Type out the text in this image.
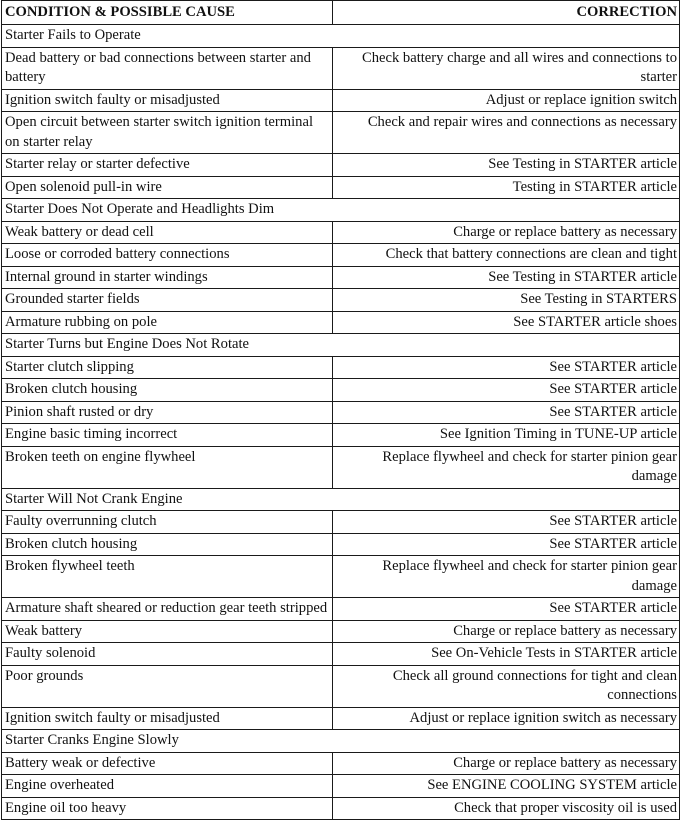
CONDITION & POSSIBLE CAUSE	CORRECTION
Starter Fails to Operate	
Dead battery or bad connections between starter and battery	Check battery charge and all wires and connections to starter
Ignition switch faulty or misadjusted	Adjust or replace ignition switch
Open circuit between starter switch ignition terminal on starter relay	Check and repair wires and connections as necessary
Starter relay or starter defective	See Testing in STARTER article
Open solenoid pull-in wire	Testing in STARTER article
Starter Does Not Operate and Headlights Dim	
Weak battery or dead cell	Charge or replace battery as necessary
Loose or corroded battery connections	Check that battery connections are clean and tight
Internal ground in starter windings	See Testing in STARTER article
Grounded starter fields	See Testing in STARTERS
Armature rubbing on pole	See STARTER article shoes
Starter Turns but Engine Does Not Rotate	
Starter clutch slipping	See STARTER article
Broken clutch housing	See STARTER article
Pinion shaft rusted or dry	See STARTER article
Engine basic timing incorrect	See Ignition Timing in TUNE-UP article
Broken teeth on engine flywheel	Replace flywheel and check for starter pinion gear damage
Starter Will Not Crank Engine	
Faulty overrunning clutch	See STARTER article
Broken clutch housing	See STARTER article
Broken flywheel teeth	Replace flywheel and check for starter pinion gear damage
Armature shaft sheared or reduction gear teeth stripped	See STARTER article
Weak battery	Charge or replace battery as necessary
Faulty solenoid	See On-Vehicle Tests in STARTER article
Poor grounds	Check all ground connections for tight and clean connections
Ignition switch faulty or misadjusted	Adjust or replace ignition switch as necessary
Starter Cranks Engine Slowly	
Battery weak or defective	Charge or replace battery as necessary
Engine overheated	See ENGINE COOLING SYSTEM article
Engine oil too heavy	Check that proper viscosity oil is used
